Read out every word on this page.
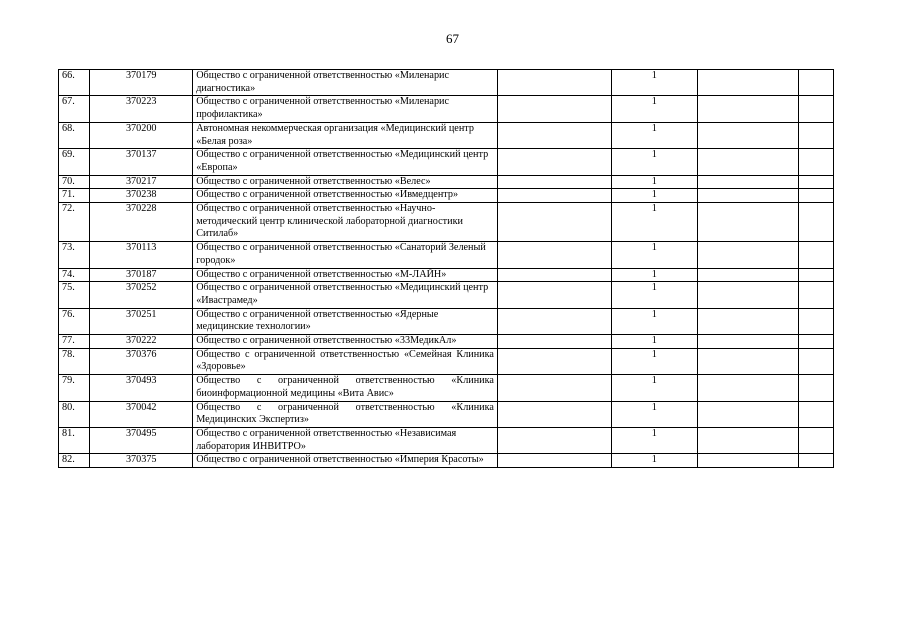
67
66.	370179	Общество с ограниченной ответственностью «Миленарис диагностика»		1		
67.	370223	Общество с ограниченной ответственностью «Миленарис профилактика»		1		
68.	370200	Автономная некоммерческая организация «Медицинский центр «Белая роза»		1		
69.	370137	Общество с ограниченной ответственностью «Медицинский центр «Европа»		1		
70.	370217	Общество с ограниченной ответственностью «Велес»		1		
71.	370238	Общество с ограниченной ответственностью «Ивмедцентр»		1		
72.	370228	Общество с ограниченной ответственностью «Научно-методический центр клинической лабораторной диагностики Ситилаб»		1		
73.	370113	Общество с ограниченной ответственностью «Санаторий Зеленый городок»		1		
74.	370187	Общество с ограниченной ответственностью «М-ЛАЙН»		1		
75.	370252	Общество с ограниченной ответственностью «Медицинский центр «Ивастрамед»		1		
76.	370251	Общество с ограниченной ответственностью «Ядерные медицинские технологии»		1		
77.	370222	Общество с ограниченной ответственностью «33МедикАл»		1		
78.	370376	Общество с ограниченной ответственностью «Семейная Клиника «Здоровье»		1		
79.	370493	Общество с ограниченной ответственностью «Клиника биоинформационной медицины «Вита Авис»		1		
80.	370042	Общество с ограниченной ответственностью «Клиника Медицинских Экспертиз»		1		
81.	370495	Общество с ограниченной ответственностью «Независимая лаборатория ИНВИТРО»		1		
82.	370375	Общество с ограниченной ответственностью «Империя Красоты»		1		
